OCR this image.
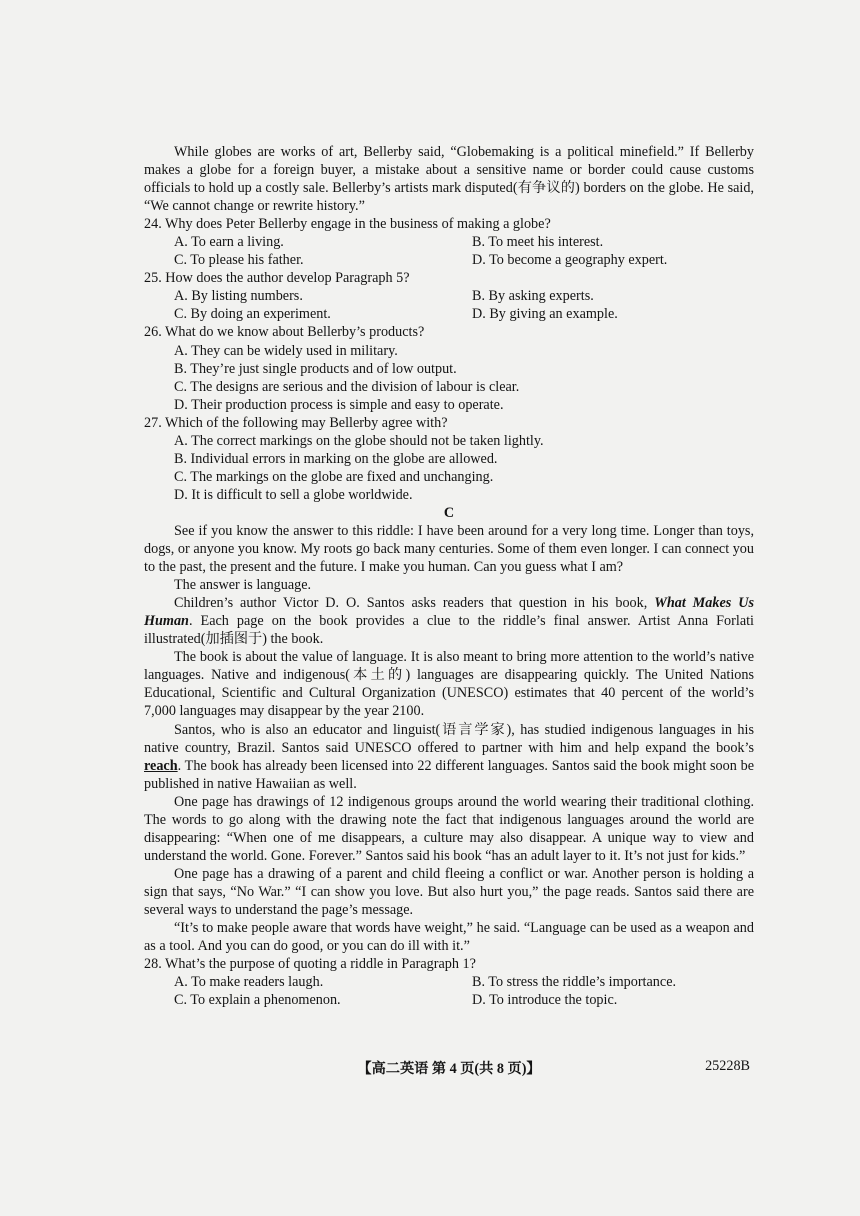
While globes are works of art, Bellerby said, “Globemaking is a political minefield.” If Bellerby makes a globe for a foreign buyer, a mistake about a sensitive name or border could cause customs officials to hold up a costly sale. Bellerby’s artists mark disputed(有争议的) borders on the globe. He said, “We cannot change or rewrite history.”

24. Why does Peter Bellerby engage in the business of making a globe?

A. To earn a living.	B. To meet his interest.
C. To please his father.	D. To become a geography expert.

25. How does the author develop Paragraph 5?

A. By listing numbers.	B. By asking experts.
C. By doing an experiment.	D. By giving an example.

26. What do we know about Bellerby’s products?

A. They can be widely used in military.
B. They’re just single products and of low output.
C. The designs are serious and the division of labour is clear.
D. Their production process is simple and easy to operate.

27. Which of the following may Bellerby agree with?

A. The correct markings on the globe should not be taken lightly.
B. Individual errors in marking on the globe are allowed.
C. The markings on the globe are fixed and unchanging.
D. It is difficult to sell a globe worldwide.

C

See if you know the answer to this riddle: I have been around for a very long time. Longer than toys, dogs, or anyone you know. My roots go back many centuries. Some of them even longer. I can connect you to the past, the present and the future. I make you human. Can you guess what I am?

The answer is language.

Children’s author Victor D. O. Santos asks readers that question in his book, What Makes Us Human. Each page on the book provides a clue to the riddle’s final answer. Artist Anna Forlati illustrated(加插图于) the book.

The book is about the value of language. It is also meant to bring more attention to the world’s native languages. Native and indigenous(本土的) languages are disappearing quickly. The United Nations Educational, Scientific and Cultural Organization (UNESCO) estimates that 40 percent of the world’s 7,000 languages may disappear by the year 2100.

Santos, who is also an educator and linguist(语言学家), has studied indigenous languages in his native country, Brazil. Santos said UNESCO offered to partner with him and help expand the book’s reach. The book has already been licensed into 22 different languages. Santos said the book might soon be published in native Hawaiian as well.

One page has drawings of 12 indigenous groups around the world wearing their traditional clothing. The words to go along with the drawing note the fact that indigenous languages around the world are disappearing: “When one of me disappears, a culture may also disappear. A unique way to view and understand the world. Gone. Forever.” Santos said his book “has an adult layer to it. It’s not just for kids.”

One page has a drawing of a parent and child fleeing a conflict or war. Another person is holding a sign that says, “No War.” “I can show you love. But also hurt you,” the page reads. Santos said there are several ways to understand the page’s message.

“It’s to make people aware that words have weight,” he said. “Language can be used as a weapon and as a tool. And you can do good, or you can do ill with it.”

28. What’s the purpose of quoting a riddle in Paragraph 1?

A. To make readers laugh.	B. To stress the riddle’s importance.
C. To explain a phenomenon.	D. To introduce the topic.
【高二英语 第 4 页(共 8 页)】	25228B
